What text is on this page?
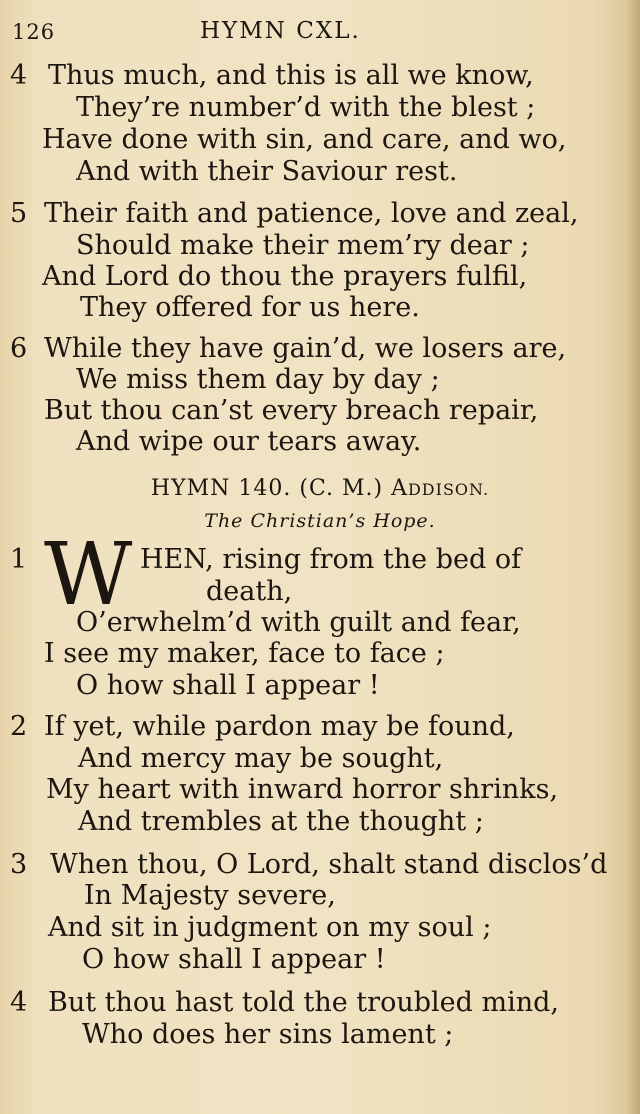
126	HYMN CXL.
4 Thus much, and this is all we know,
They’re number’d with the blest ;
Have done with sin, and care, and wo,
And with their Saviour rest.
5 Their faith and patience, love and zeal,
Should make their mem’ry dear ;
And Lord do thou the prayers fulfil,
They offered for us here.
6 While they have gain’d, we losers are,
We miss them day by day ;
But thou can’st every breach repair,
And wipe our tears away.
HYMN 140. (C. M.) ADDISON.
The Christian’s Hope.
1 W HEN, rising from the bed of
death,
O’erwhelm’d with guilt and fear,
I see my maker, face to face ;
O how shall I appear !
2 If yet, while pardon may be found,
And mercy may be sought,
My heart with inward horror shrinks,
And trembles at the thought ;
3 When thou, O Lord, shalt stand disclos’d
In Majesty severe,
And sit in judgment on my soul ;
O how shall I appear !
4 But thou hast told the troubled mind,
Who does her sins lament ;
